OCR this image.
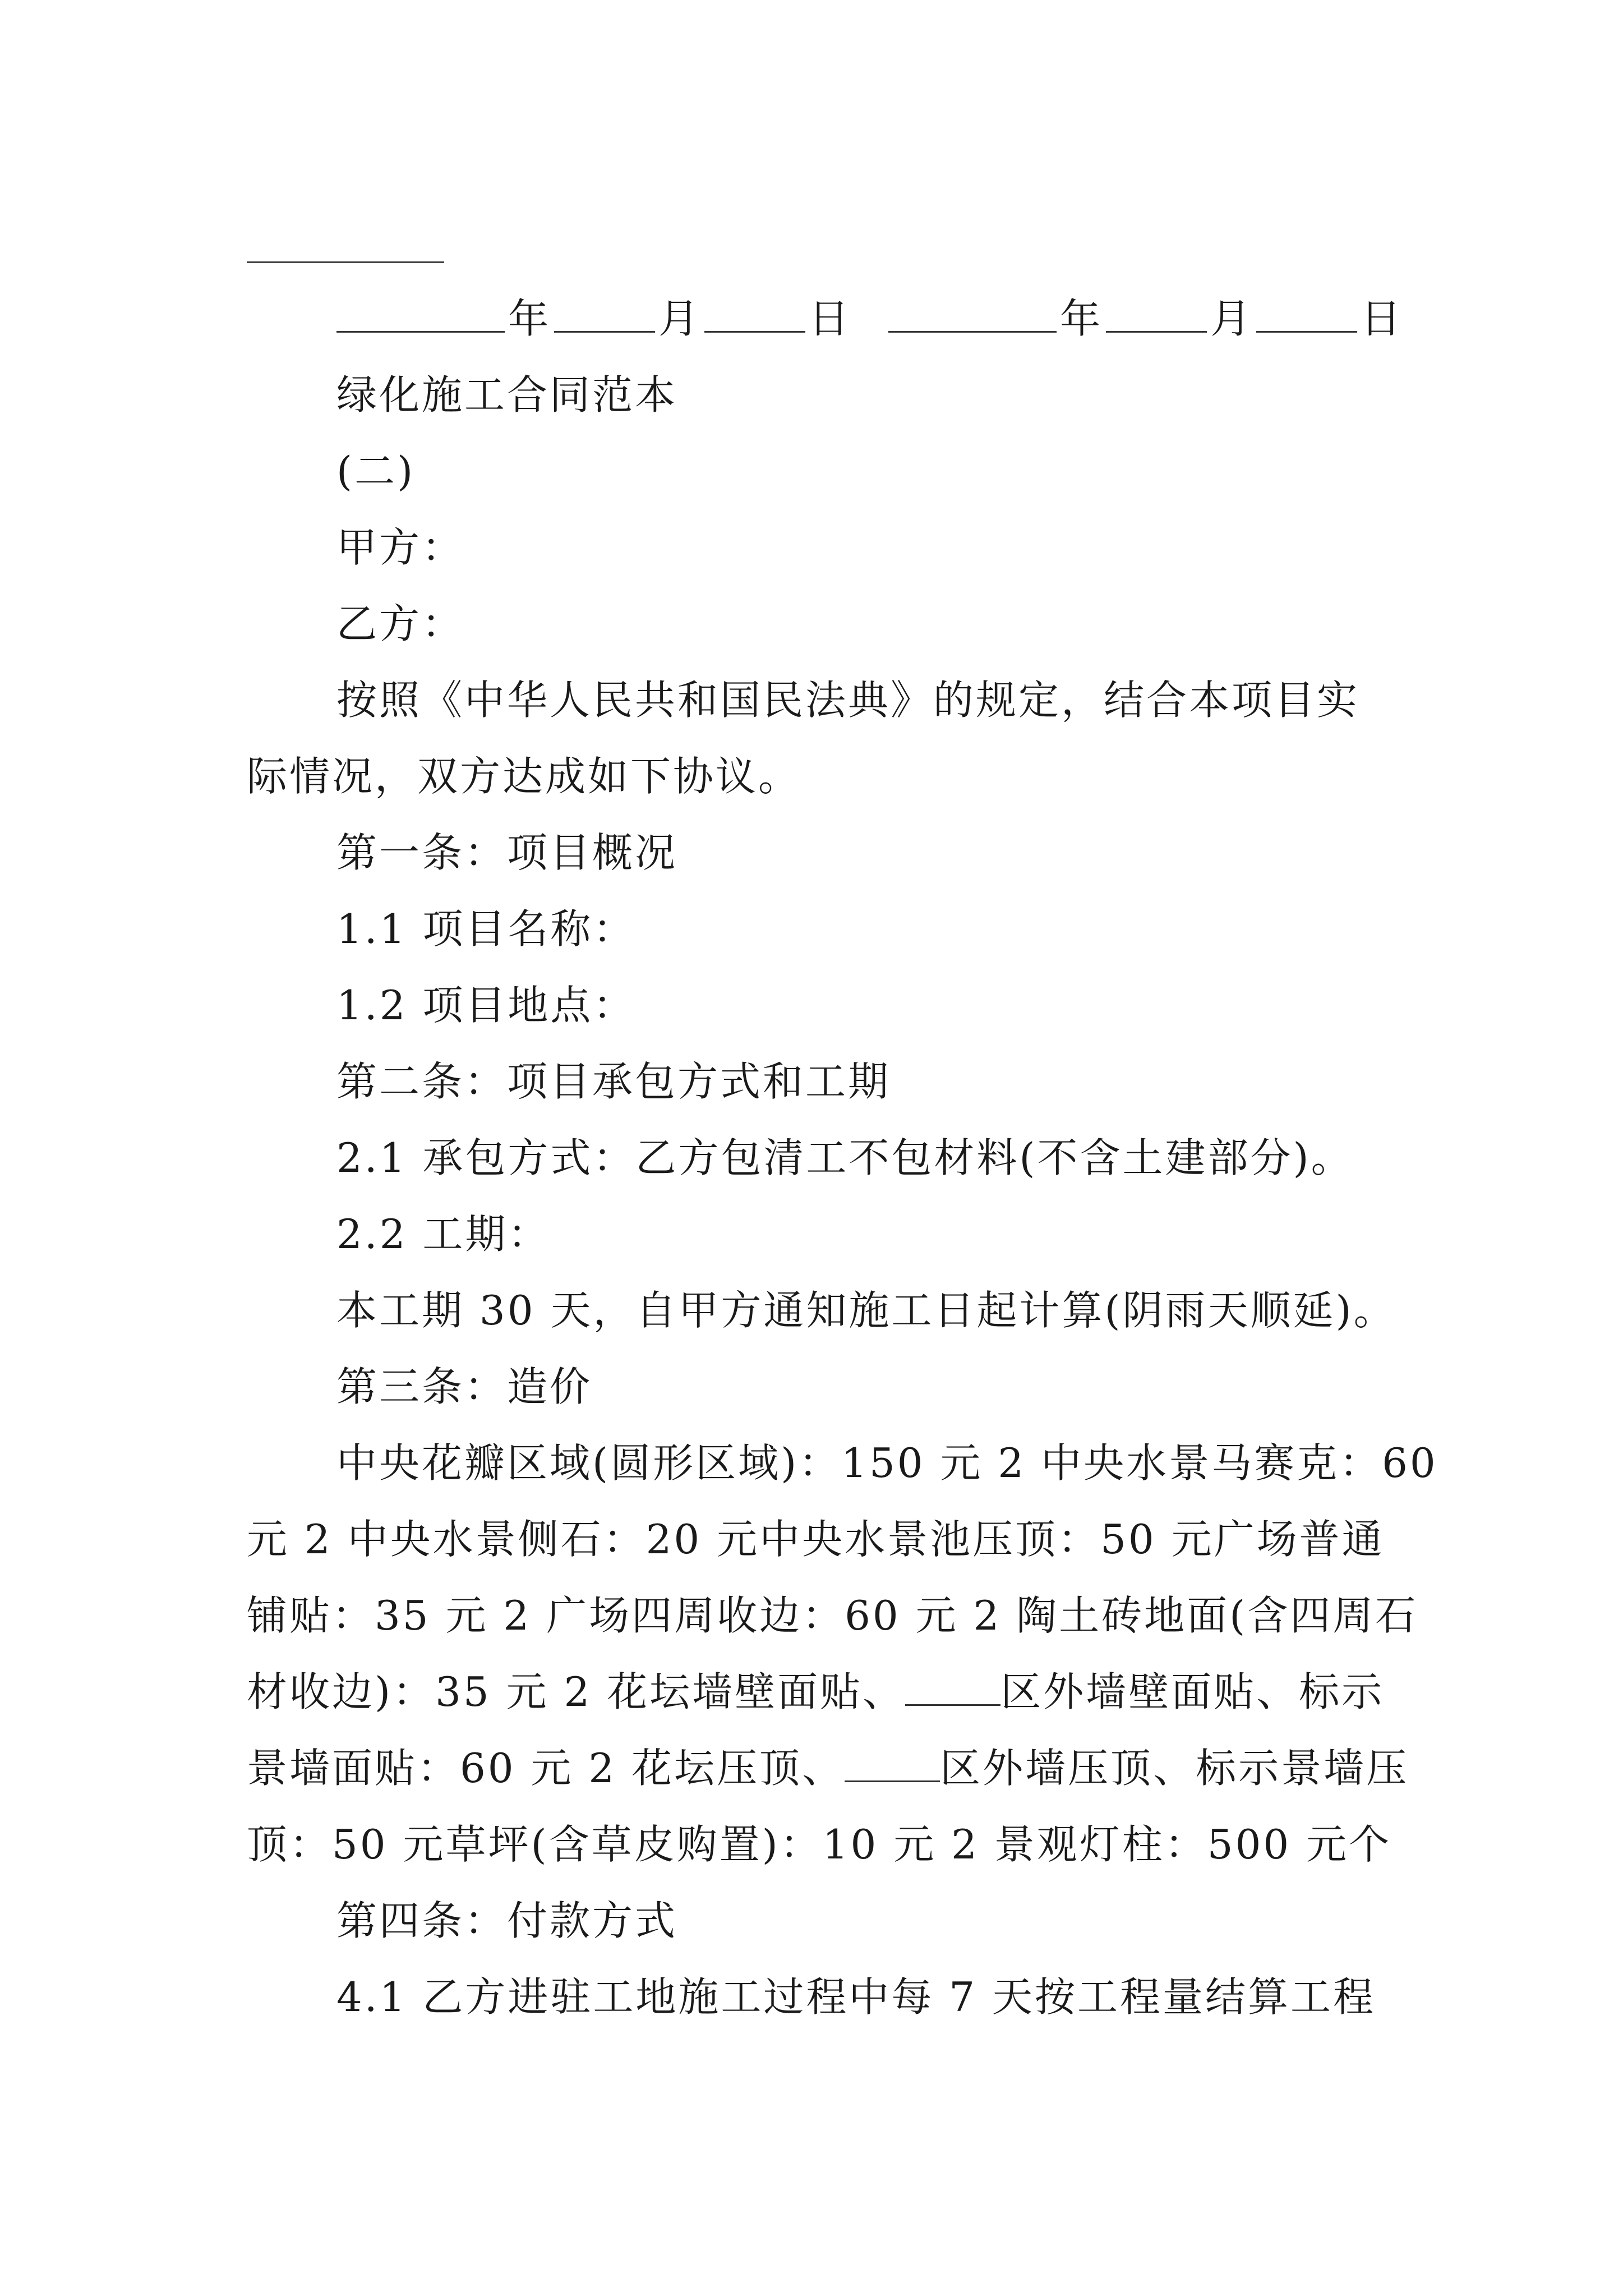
年	月	日	年	月	日
绿化施工合同范本
(二)
甲方：
乙方：
按照《中华人民共和国民法典》的规定，结合本项目实
际情况，双方达成如下协议。
第一条：项目概况
1.1 项目名称：
1.2 项目地点：
第二条：项目承包方式和工期
2.1 承包方式：乙方包清工不包材料(不含土建部分)。
2.2 工期：
本工期 30 天，自甲方通知施工日起计算(阴雨天顺延)。
第三条：造价
中央花瓣区域(圆形区域)：150 元 2 中央水景马赛克：60
元 2 中央水景侧石：20 元中央水景池压顶：50 元广场普通
铺贴：35 元 2 广场四周收边：60 元 2 陶土砖地面(含四周石
材收边)：35 元 2 花坛墙壁面贴、 区外墙壁面贴、标示
景墙面贴：60 元 2 花坛压顶、 区外墙压顶、标示景墙压
顶：50 元草坪(含草皮购置)：10 元 2 景观灯柱：500 元个
第四条：付款方式
4.1 乙方进驻工地施工过程中每 7 天按工程量结算工程
